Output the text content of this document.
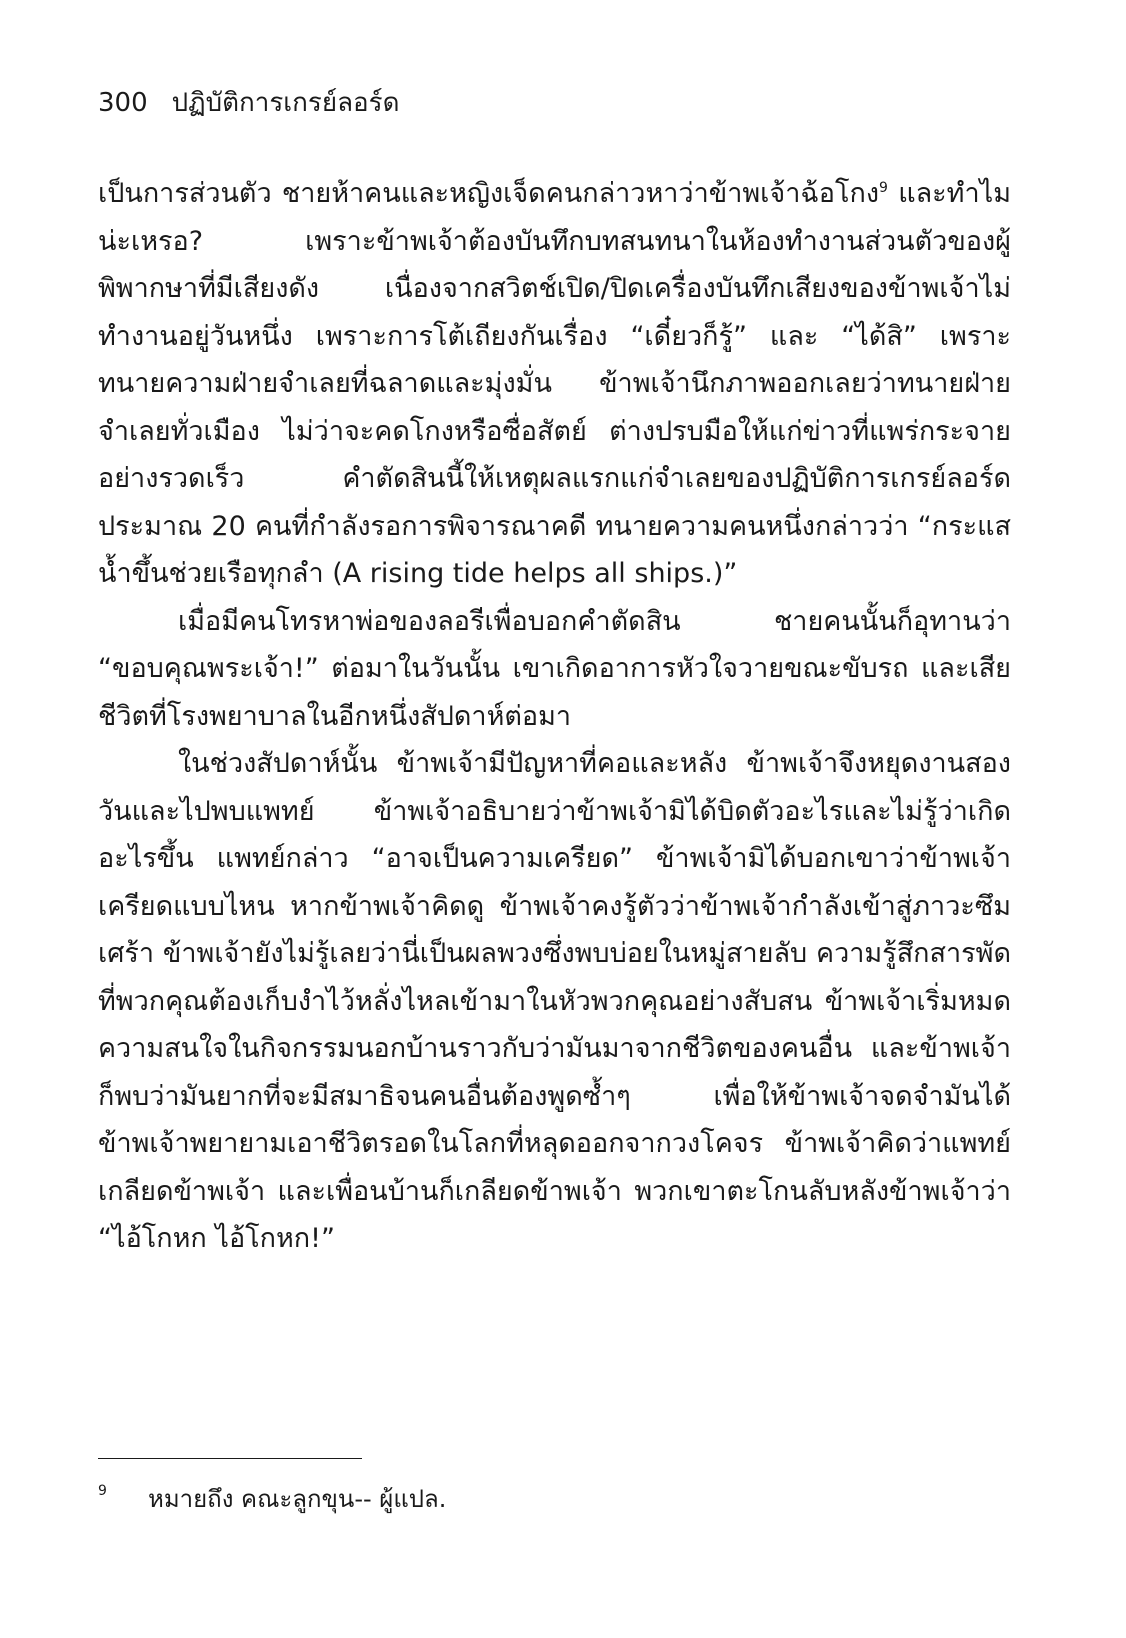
300 ปฏิบัติการเกรย์ลอร์ด

เป็นการส่วนตัว ชายห้าคนและหญิงเจ็ดคนกล่าวหาว่าข้าพเจ้าฉ้อโกง$^9$ และทำไมน่ะเหรอ? เพราะข้าพเจ้าต้องบันทึกบทสนทนาในห้องทำงานส่วนตัวของผู้พิพากษาที่มีเสียงดัง เนื่องจากสวิตช์เปิด/ปิดเครื่องบันทึกเสียงของข้าพเจ้าไม่ทำงานอยู่วันหนึ่ง เพราะการโต้เถียงกันเรื่อง “เดี๋ยวก็รู้” และ “ได้สิ” เพราะทนายความฝ่ายจำเลยที่ฉลาดและมุ่งมั่น ข้าพเจ้านึกภาพออกเลยว่าทนายฝ่ายจำเลยทั่วเมือง ไม่ว่าจะคดโกงหรือซื่อสัตย์ ต่างปรบมือให้แก่ข่าวที่แพร่กระจายอย่างรวดเร็ว คำตัดสินนี้ให้เหตุผลแรกแก่จำเลยของปฏิบัติการเกรย์ลอร์ดประมาณ 20 คนที่กำลังรอการพิจารณาคดี ทนายความคนหนึ่งกล่าวว่า “กระแสน้ำขึ้นช่วยเรือทุกลำ (A rising tide helps all ships.)”

เมื่อมีคนโทรหาพ่อของลอรีเพื่อบอกคำตัดสิน ชายคนนั้นก็อุทานว่า “ขอบคุณพระเจ้า!” ต่อมาในวันนั้น เขาเกิดอาการหัวใจวายขณะขับรถ และเสียชีวิตที่โรงพยาบาลในอีกหนึ่งสัปดาห์ต่อมา

ในช่วงสัปดาห์นั้น ข้าพเจ้ามีปัญหาที่คอและหลัง ข้าพเจ้าจึงหยุดงานสองวันและไปพบแพทย์ ข้าพเจ้าอธิบายว่าข้าพเจ้ามิได้บิดตัวอะไรและไม่รู้ว่าเกิดอะไรขึ้น แพทย์กล่าว “อาจเป็นความเครียด” ข้าพเจ้ามิได้บอกเขาว่าข้าพเจ้าเครียดแบบไหน หากข้าพเจ้าคิดดู ข้าพเจ้าคงรู้ตัวว่าข้าพเจ้ากำลังเข้าสู่ภาวะซึมเศร้า ข้าพเจ้ายังไม่รู้เลยว่านี่เป็นผลพวงซึ่งพบบ่อยในหมู่สายลับ ความรู้สึกสารพัดที่พวกคุณต้องเก็บงำไว้หลั่งไหลเข้ามาในหัวพวกคุณอย่างสับสน ข้าพเจ้าเริ่มหมดความสนใจในกิจกรรมนอกบ้านราวกับว่ามันมาจากชีวิตของคนอื่น และข้าพเจ้าก็พบว่ามันยากที่จะมีสมาธิจนคนอื่นต้องพูดซ้ำๆ เพื่อให้ข้าพเจ้าจดจำมันได้ ข้าพเจ้าพยายามเอาชีวิตรอดในโลกที่หลุดออกจากวงโคจร ข้าพเจ้าคิดว่าแพทย์เกลียดข้าพเจ้า และเพื่อนบ้านก็เกลียดข้าพเจ้า พวกเขาตะโกนลับหลังข้าพเจ้าว่า “ไอ้โกหก ไอ้โกหก!”

9 หมายถึง คณะลูกขุน-- ผู้แปล.
